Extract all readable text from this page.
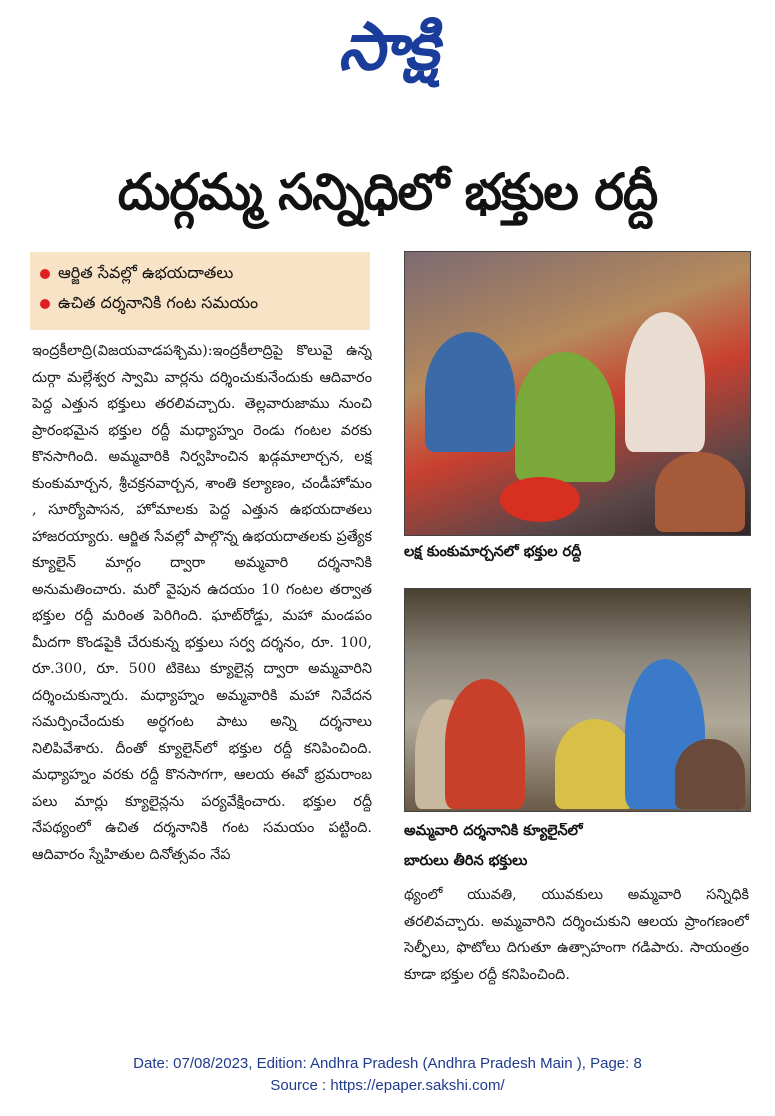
సాక్షి
దుర్గమ్మ సన్నిధిలో భక్తుల రద్దీ
ఆర్జిత సేవల్లో ఉభయదాతలు
ఉచిత దర్శనానికి గంట సమయం
ఇంద్రకీలాద్రి(విజయవాడపశ్చిమ):ఇంద్రకీలాద్రిపై కొలువై ఉన్న దుర్గా మల్లేశ్వర స్వామి వార్లను దర్శించుకునేందుకు ఆదివారం పెద్ద ఎత్తున భక్తులు తరలివచ్చారు. తెల్లవారుజాము నుంచి ప్రారంభమైన భక్తుల రద్దీ మధ్యాహ్నం రెండు గంటల వరకు కొనసాగింది. అమ్మవారికి నిర్వహించిన ఖడ్గమాలార్చన, లక్ష కుంకుమార్చన, శ్రీచక్రనవార్చన, శాంతి కల్యాణం, చండీహోమం , సూర్యోపాసన, హోమాలకు పెద్ద ఎత్తున ఉభయదాతలు హాజరయ్యారు. ఆర్జిత సేవల్లో పాల్గొన్న ఉభయదాతలకు ప్రత్యేక క్యూలైన్ మార్గం ద్వారా అమ్మవారి దర్శనానికి అనుమతించారు. మరో వైపున ఉదయం 10 గంటల తర్వాత భక్తుల రద్దీ మరింత పెరిగింది. ఘాట్‌రోడ్డు, మహా మండపం మీదగా కొండపైకి చేరుకున్న భక్తులు సర్వ దర్శనం, రూ. 100, రూ.300, రూ. 500 టికెటు క్యూలైన్ల ద్వారా అమ్మవారిని దర్శించుకున్నారు. మధ్యాహ్నం అమ్మవారికి మహా నివేదన సమర్పించేందుకు అర్ధగంట పాటు అన్ని దర్శనాలు నిలిపివేశారు. దీంతో క్యూలైన్‌లో భక్తుల రద్దీ కనిపించింది. మధ్యాహ్నం వరకు రద్దీ కొనసాగగా, ఆలయ ఈవో భ్రమరాంబ పలు మార్లు క్యూలైన్లను పర్యవేక్షించారు. భక్తుల రద్దీ నేపథ్యంలో ఉచిత దర్శనానికి గంట సమయం పట్టింది. ఆదివారం స్నేహితుల దినోత్సవం నేప
లక్ష కుంకుమార్చనలో భక్తుల రద్దీ
అమ్మవారి దర్శనానికి క్యూలైన్‌లో
బారులు తీరిన భక్తులు
థ్యంలో యువతి, యువకులు అమ్మవారి సన్నిధికి తరలివచ్చారు. అమ్మవారిని దర్శించుకుని ఆలయ ప్రాంగణంలో సెల్ఫీలు, ఫొటోలు దిగుతూ ఉత్సాహంగా గడిపారు. సాయంత్రం కూడా భక్తుల రద్దీ కనిపించింది.
Date: 07/08/2023, Edition: Andhra Pradesh (Andhra Pradesh Main ), Page: 8
Source : https://epaper.sakshi.com/
